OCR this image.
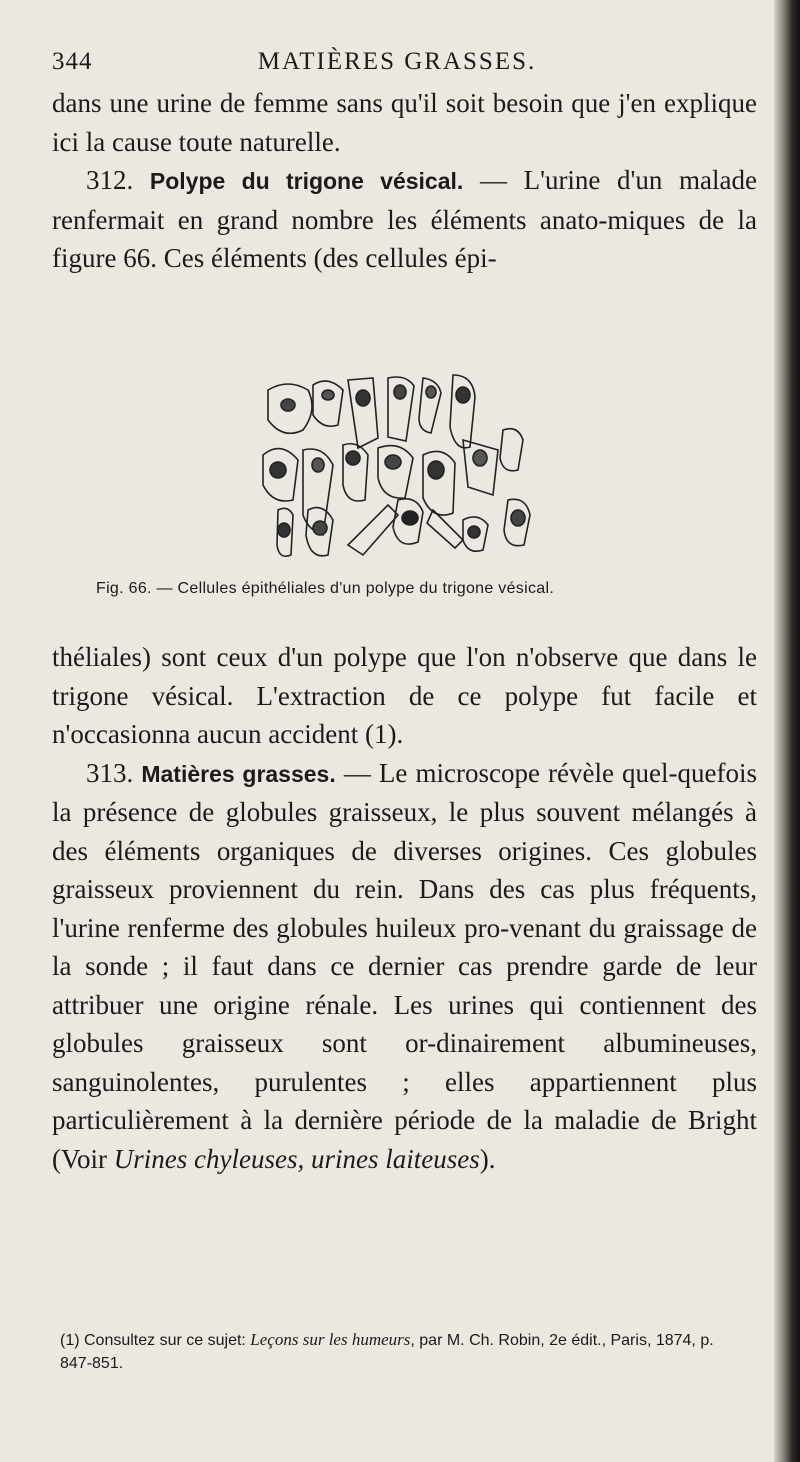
344	MATIÈRES GRASSES.

dans une urine de femme sans qu'il soit besoin que j'en explique ici la cause toute naturelle.

312. Polype du trigone vésical. — L'urine d'un malade renfermait en grand nombre les éléments anato-miques de la figure 66. Ces éléments (des cellules épi-

Fig. 66. — Cellules épithéliales d'un polype du trigone vésical.

théliales) sont ceux d'un polype que l'on n'observe que dans le trigone vésical. L'extraction de ce polype fut facile et n'occasionna aucun accident (1).

313. Matières grasses. — Le microscope révèle quel-quefois la présence de globules graisseux, le plus souvent mélangés à des éléments organiques de diverses origines. Ces globules graisseux proviennent du rein. Dans des cas plus fréquents, l'urine renferme des globules huileux pro-venant du graissage de la sonde ; il faut dans ce dernier cas prendre garde de leur attribuer une origine rénale. Les urines qui contiennent des globules graisseux sont or-dinairement albumineuses, sanguinolentes, purulentes ; elles appartiennent plus particulièrement à la dernière période de la maladie de Bright (Voir Urines chyleuses, urines laiteuses).

(1) Consultez sur ce sujet: Leçons sur les humeurs, par M. Ch. Robin, 2e édit., Paris, 1874, p. 847-851.
